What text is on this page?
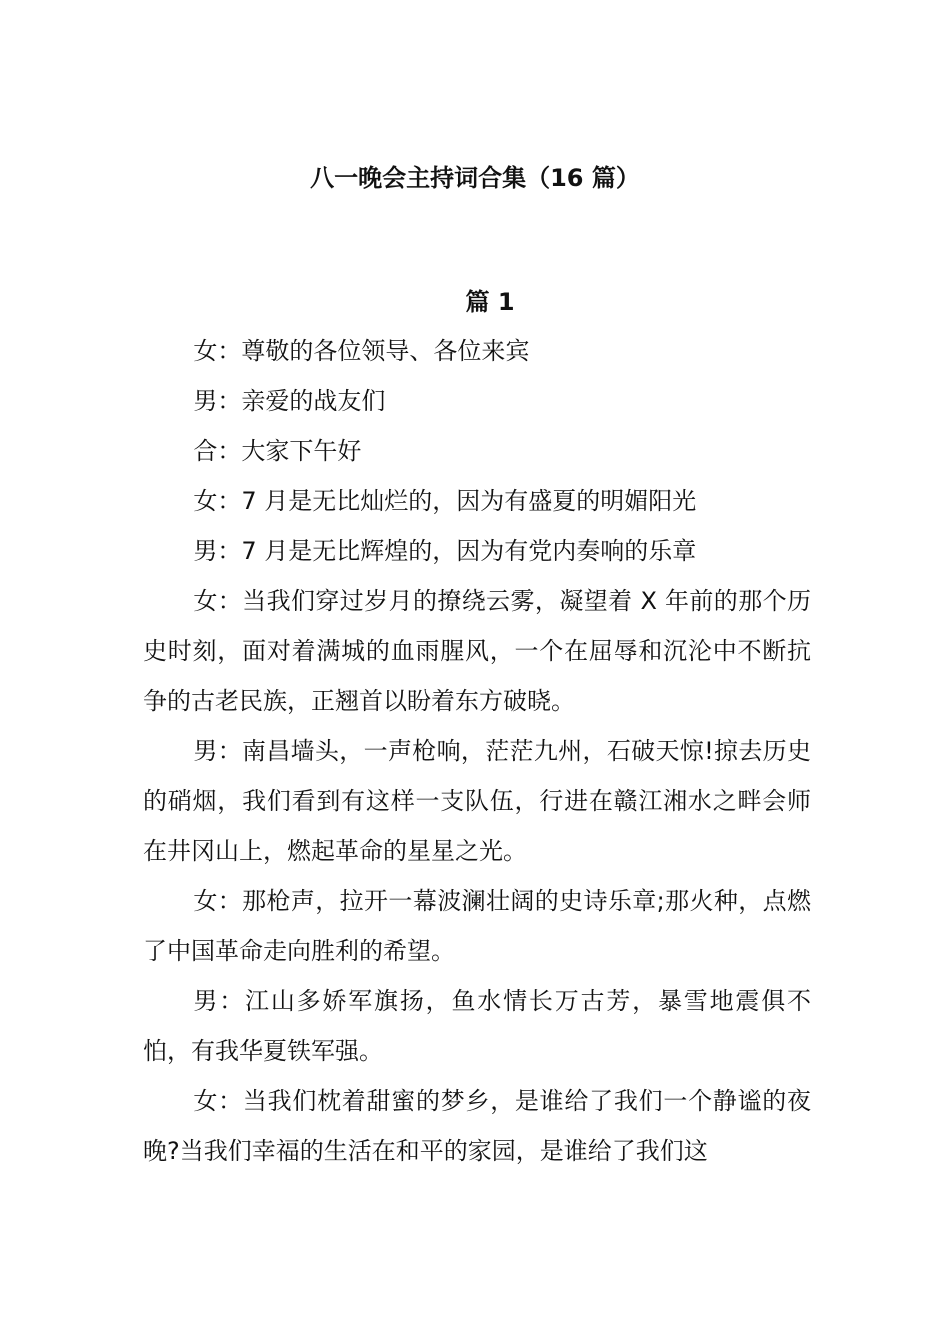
八一晚会主持词合集（16 篇）
篇 1

女：尊敬的各位领导、各位来宾

男：亲爱的战友们

合：大家下午好

女：7 月是无比灿烂的，因为有盛夏的明媚阳光

男：7 月是无比辉煌的，因为有党内奏响的乐章

女：当我们穿过岁月的撩绕云雾，凝望着 X 年前的那个历史时刻，面对着满城的血雨腥风，一个在屈辱和沉沦中不断抗争的古老民族，正翘首以盼着东方破晓。

男：南昌墙头，一声枪响，茫茫九州，石破天惊!掠去历史的硝烟，我们看到有这样一支队伍，行进在赣江湘水之畔会师在井冈山上，燃起革命的星星之光。

女：那枪声，拉开一幕波澜壮阔的史诗乐章;那火种，点燃了中国革命走向胜利的希望。

男：江山多娇军旗扬，鱼水情长万古芳，暴雪地震俱不怕，有我华夏铁军强。

女：当我们枕着甜蜜的梦乡，是谁给了我们一个静谧的夜晚?当我们幸福的生活在和平的家园，是谁给了我们这
